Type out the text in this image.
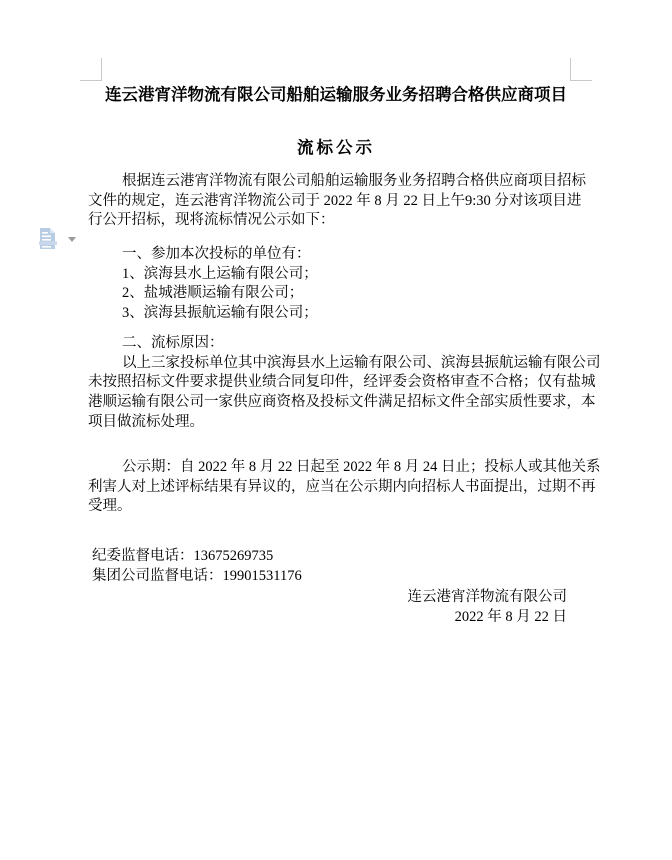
连云港宵洋物流有限公司船舶运输服务业务招聘合格供应商项目
流标公示
根据连云港宵洋物流有限公司船舶运输服务业务招聘合格供应商项目招标
文件的规定，连云港宵洋物流公司于 2022 年 8 月 22 日上午9:30 分对该项目进
行公开招标，现将流标情况公示如下：
一、参加本次投标的单位有：
1、滨海县水上运输有限公司；
2、盐城港顺运输有限公司；
3、滨海县振航运输有限公司；
二、流标原因：
以上三家投标单位其中滨海县水上运输有限公司、滨海县振航运输有限公司
未按照招标文件要求提供业绩合同复印件，经评委会资格审查不合格；仅有盐城
港顺运输有限公司一家供应商资格及投标文件满足招标文件全部实质性要求，本
项目做流标处理。
公示期：自 2022 年 8 月 22 日起至 2022 年 8 月 24 日止；投标人或其他关系
利害人对上述评标结果有异议的，应当在公示期内向招标人书面提出，过期不再
受理。
纪委监督电话：13675269735
集团公司监督电话：19901531176
连云港宵洋物流有限公司
2022 年 8 月 22 日
